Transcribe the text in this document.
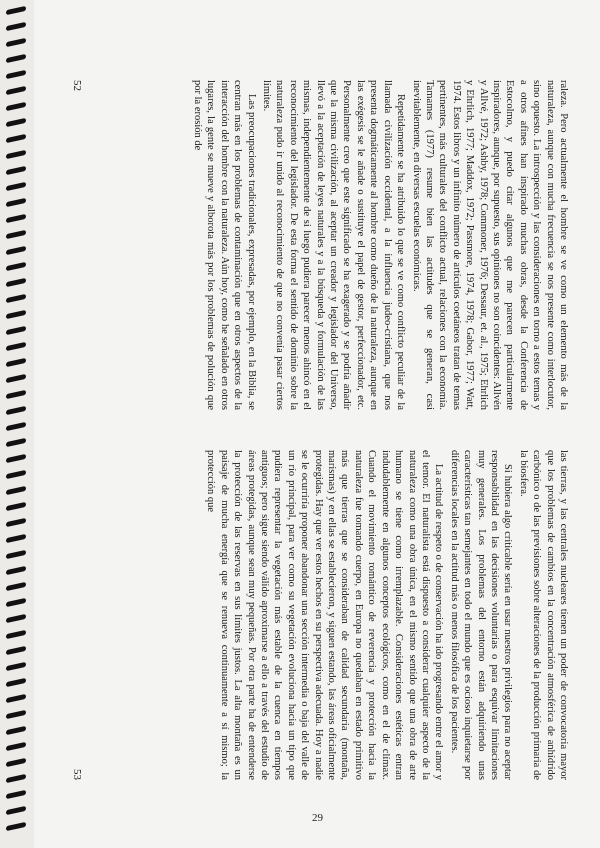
raleza. Pero actualmente el hombre se ve como un elemento más de la naturaleza, aunque con mucha frecuencia se nos presente como interlocutor, sino opuesto. La introspección y las consideraciones en torno a estos temas y a otros afines han inspirado muchas obras, desde la Conferencia de Estocolmo, y puedo citar algunos que me parecen particularmente inspiradores, aunque, por supuesto, sus opiniones no son coincidentes: Allvén y Allvé, 1972; Ashby, 1978; Commoner, 1976; Dessaur, et. al., 1975; Ehrlich y Ehrlich, 1977; Maddox, 1972; Passmore, 1974, 1978; Gabor, 1977; Watt, 1974. Estos libros y un infinito número de artículos coetáneos tratan de temas pertinentes, más culturales del conflicto actual, relaciones con la economía. Tamames (1977) resume bien las actitudes que se generan, casi inevitablemente, en diversas escuelas económicas.

Repetidamente se ha atribuido lo que se ve como conflicto peculiar de la llamada civilización occidental, a la influencia judeo-cristiana, que nos presenta dogmáticamente al hombre como dueño de la naturaleza, aunque en las exégesis se le añade o sustituye el papel de gestor, perfeccionador, etc. Personalmente creo que este significado se ha exagerado y se podría añadir que la misma civilización, al aceptar un creador y legislador del Universo, llevó a la aceptación de leyes naturales y a la búsqueda y formulación de las mismas, independientemente de si luego pudiera parecer menos ahincó en el reconocimiento del legislador. De esta forma el sentido de dominio sobre la naturaleza pudo ir unido al reconocimiento de que no convenía pasar ciertos límites.

Las preocupaciones tradicionales, expresadas, por ejemplo, en la Biblia, se centran más en los problemas de contaminación que en otros aspectos de la interacción del hombre con la naturaleza. Aún hoy, como he señalado en otros lugares, la gente se mueve y alborota más por los problemas de polución que por la erosión de

52

las tierras, y las centrales nucleares tienen un poder de convocatoria mayor que los problemas de cambios en la concentración atmosférica de anhídrido carbónico o de las previsiones sobre alteraciones de la producción primaria de la biosfera.

Si hubiera algo criticable sería en usar nuestros privilegios para no aceptar responsabilidad en las decisiones voluntarias o para esquivar limitaciones muy generales. Los problemas del entorno están adquiriendo unas características tan semejantes en todo el mundo que es ocioso inquietarse por diferencias locales en la actitud más o menos filosófica de los pacientes.

La actitud de respeto o de conservación ha ido progresando entre el amor y el temor. El naturalista está dispuesto a considerar cualquier aspecto de la naturaleza como una obra única, en el mismo sentido que una obra de arte humano se tiene como irremplazable. Consideraciones estéticas entran indudablemente en algunos conceptos ecológicos, como en el de clímax. Cuando el movimiento romántico de reverencia y protección hacia la naturaleza fue tomando cuerpo, en Europa no quedaban en estado primitivo más que tierras que se consideraban de calidad secundaria (montaña, marismas) y en ellas se establecieron, y siguen estando, las áreas oficialmente protegidas. Hay que ver estos hechos en su perspectiva adecuada. Hoy a nadie se le ocurriría proponer abandonar una sección intermedia o baja del valle de un río principal, para ver como su vegetación evoluciona hacia un tipo que pudiera representar la vegetación más estable de la cuenca en tiempos antiguos; pero sigue siendo válido aproximarse a ello a través del estudio de áreas protegidas, aunque sean muy pequeñas. Por otra parte ha de entenderse la protección de las reservas en sus límites justos. La alta montaña es un paisaje de mucha energía que se renueva continuamente a sí mismo; la protección que

53
29
